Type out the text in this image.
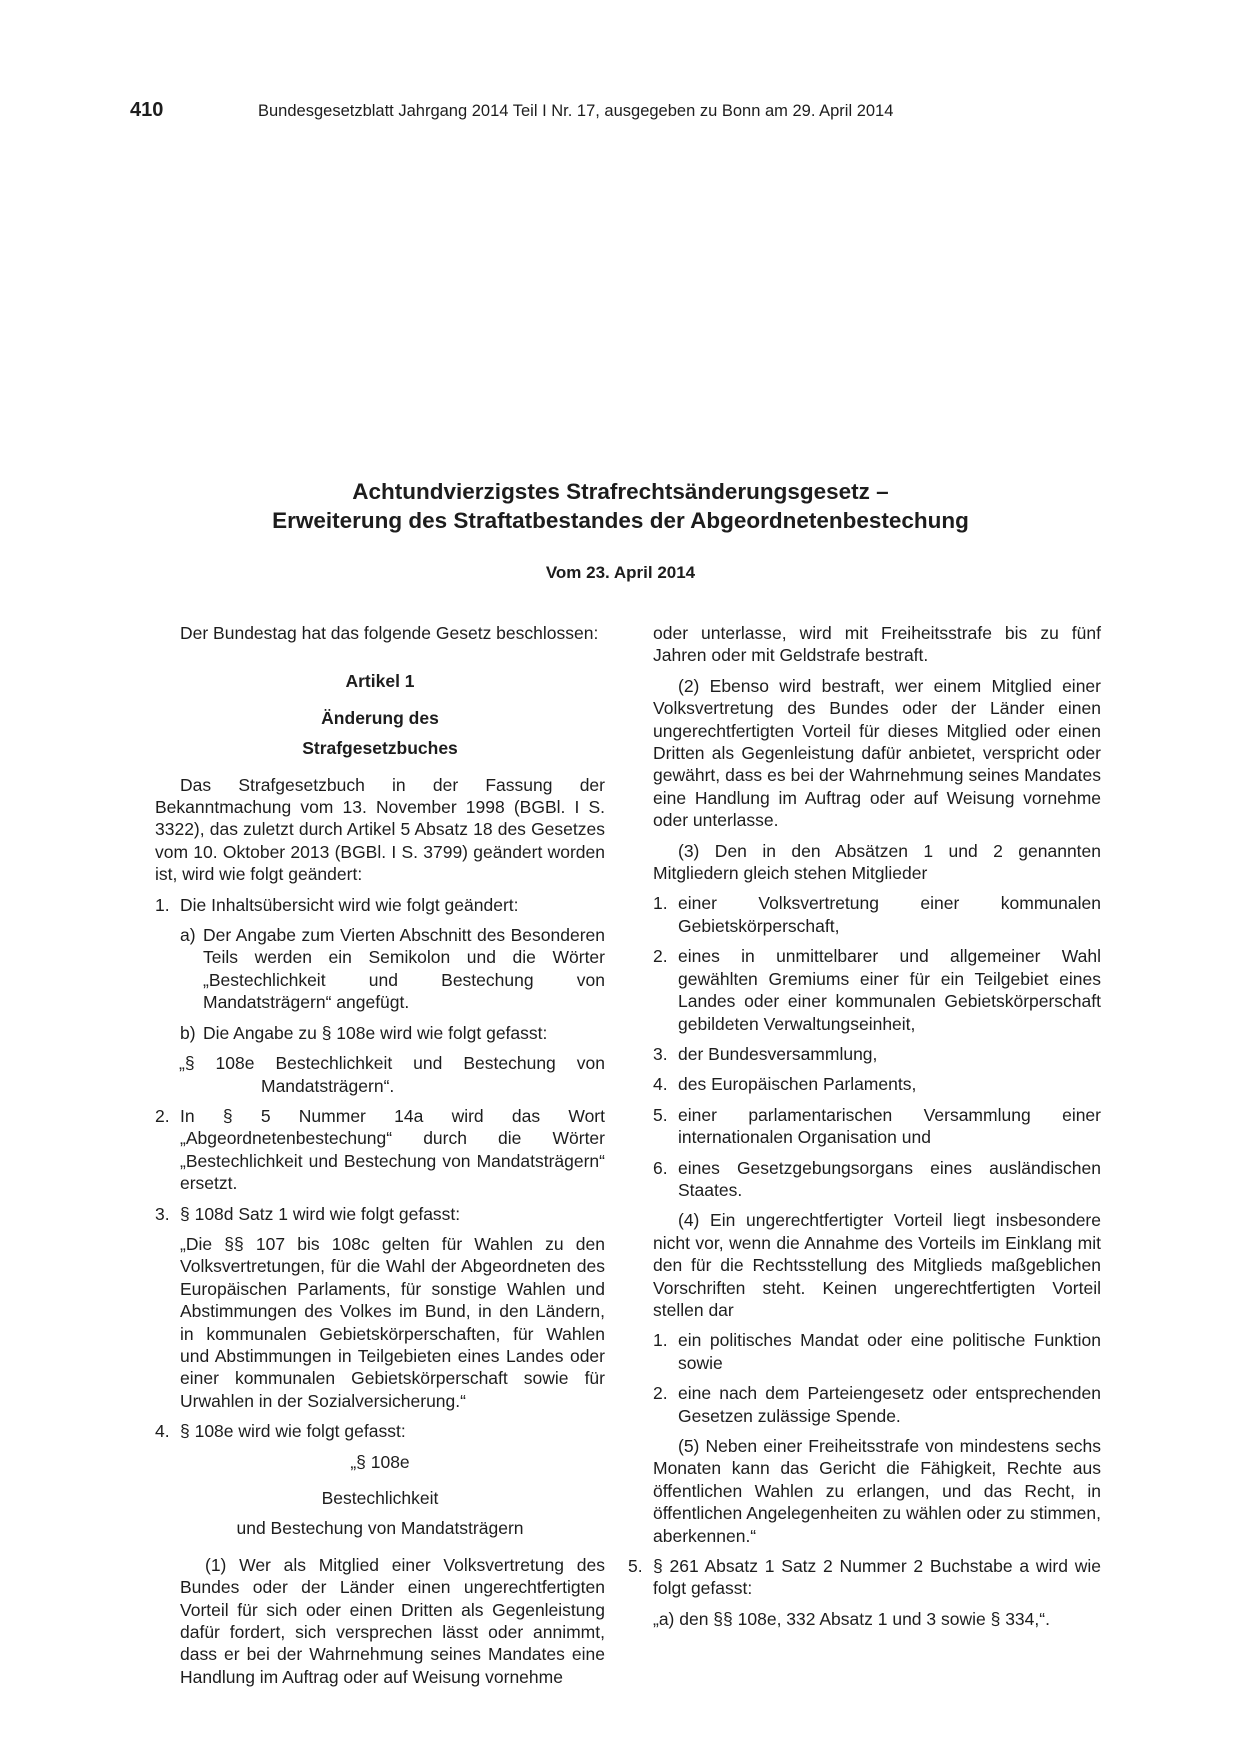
410	Bundesgesetzblatt Jahrgang 2014 Teil I Nr. 17, ausgegeben zu Bonn am 29. April 2014

Achtundvierzigstes Strafrechtsänderungsgesetz –

Erweiterung des Straftatbestandes der Abgeordnetenbestechung

Vom 23. April 2014

Der Bundestag hat das folgende Gesetz beschlossen:

Artikel 1

Änderung des

Strafgesetzbuches

Das Strafgesetzbuch in der Fassung der Bekanntmachung vom 13. November 1998 (BGBl. I S. 3322), das zuletzt durch Artikel 5 Absatz 18 des Gesetzes vom 10. Oktober 2013 (BGBl. I S. 3799) geändert worden ist, wird wie folgt geändert:

1. Die Inhaltsübersicht wird wie folgt geändert:
a) Der Angabe zum Vierten Abschnitt des Besonderen Teils werden ein Semikolon und die Wörter „Bestechlichkeit und Bestechung von Mandatsträgern“ angefügt.
b) Die Angabe zu § 108e wird wie folgt gefasst:

„§ 108e Bestechlichkeit und Bestechung von Mandatsträgern“.

2. In § 5 Nummer 14a wird das Wort „Abgeordnetenbestechung“ durch die Wörter „Bestechlichkeit und Bestechung von Mandatsträgern“ ersetzt.
3. § 108d Satz 1 wird wie folgt gefasst:

„Die §§ 107 bis 108c gelten für Wahlen zu den Volksvertretungen, für die Wahl der Abgeordneten des Europäischen Parlaments, für sonstige Wahlen und Abstimmungen des Volkes im Bund, in den Ländern, in kommunalen Gebietskörperschaften, für Wahlen und Abstimmungen in Teilgebieten eines Landes oder einer kommunalen Gebietskörperschaft sowie für Urwahlen in der Sozialversicherung.“

4. § 108e wird wie folgt gefasst:

„§ 108e

Bestechlichkeit

und Bestechung von Mandatsträgern

(1) Wer als Mitglied einer Volksvertretung des Bundes oder der Länder einen ungerechtfertigten Vorteil für sich oder einen Dritten als Gegenleistung dafür fordert, sich versprechen lässt oder annimmt, dass er bei der Wahrnehmung seines Mandates eine Handlung im Auftrag oder auf Weisung vornehme

oder unterlasse, wird mit Freiheitsstrafe bis zu fünf Jahren oder mit Geldstrafe bestraft.

(2) Ebenso wird bestraft, wer einem Mitglied einer Volksvertretung des Bundes oder der Länder einen ungerechtfertigten Vorteil für dieses Mitglied oder einen Dritten als Gegenleistung dafür anbietet, verspricht oder gewährt, dass es bei der Wahrnehmung seines Mandates eine Handlung im Auftrag oder auf Weisung vornehme oder unterlasse.

(3) Den in den Absätzen 1 und 2 genannten Mitgliedern gleich stehen Mitglieder

1. einer Volksvertretung einer kommunalen Gebietskörperschaft,
2. eines in unmittelbarer und allgemeiner Wahl gewählten Gremiums einer für ein Teilgebiet eines Landes oder einer kommunalen Gebietskörperschaft gebildeten Verwaltungseinheit,
3. der Bundesversammlung,
4. des Europäischen Parlaments,
5. einer parlamentarischen Versammlung einer internationalen Organisation und
6. eines Gesetzgebungsorgans eines ausländischen Staates.

(4) Ein ungerechtfertigter Vorteil liegt insbesondere nicht vor, wenn die Annahme des Vorteils im Einklang mit den für die Rechtsstellung des Mitglieds maßgeblichen Vorschriften steht. Keinen ungerechtfertigten Vorteil stellen dar

1. ein politisches Mandat oder eine politische Funktion sowie
2. eine nach dem Parteiengesetz oder entsprechenden Gesetzen zulässige Spende.

(5) Neben einer Freiheitsstrafe von mindestens sechs Monaten kann das Gericht die Fähigkeit, Rechte aus öffentlichen Wahlen zu erlangen, und das Recht, in öffentlichen Angelegenheiten zu wählen oder zu stimmen, aberkennen.“

5. § 261 Absatz 1 Satz 2 Nummer 2 Buchstabe a wird wie folgt gefasst:

„a) den §§ 108e, 332 Absatz 1 und 3 sowie § 334,“.
